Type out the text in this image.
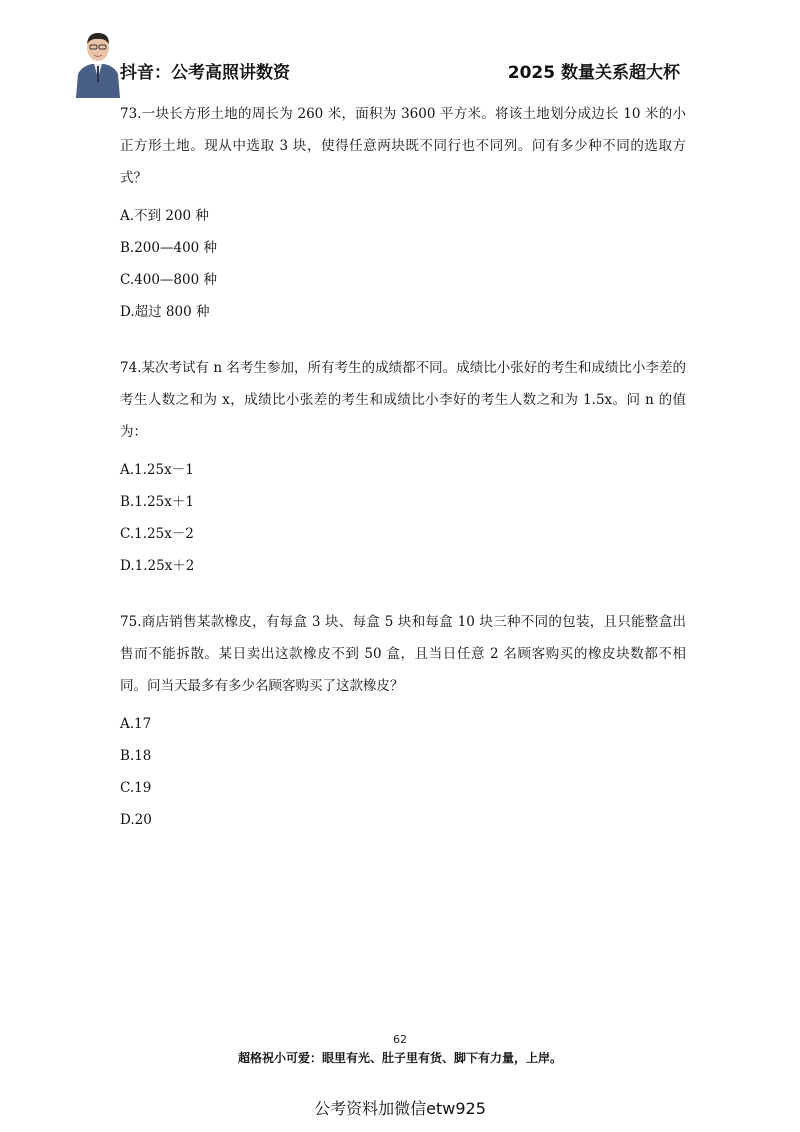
抖音：公考高照讲数资	2025 数量关系超大杯

73.一块长方形土地的周长为 260 米，面积为 3600 平方米。将该土地划分成边长 10 米的小正方形土地。现从中选取 3 块，使得任意两块既不同行也不同列。问有多少种不同的选取方式？

A.不到 200 种

B.200—400 种

C.400—800 种

D.超过 800 种

74.某次考试有 n 名考生参加，所有考生的成绩都不同。成绩比小张好的考生和成绩比小李差的考生人数之和为 x，成绩比小张差的考生和成绩比小李好的考生人数之和为 1.5x。问 n 的值为：

A.1.25x－1

B.1.25x＋1

C.1.25x－2

D.1.25x＋2

75.商店销售某款橡皮，有每盒 3 块、每盒 5 块和每盒 10 块三种不同的包装，且只能整盒出售而不能拆散。某日卖出这款橡皮不到 50 盒，且当日任意 2 名顾客购买的橡皮块数都不相同。问当天最多有多少名顾客购买了这款橡皮？

A.17

B.18

C.19

D.20

62
超格祝小可爱：眼里有光、肚子里有货、脚下有力量，上岸。
公考资料加微信etw925
